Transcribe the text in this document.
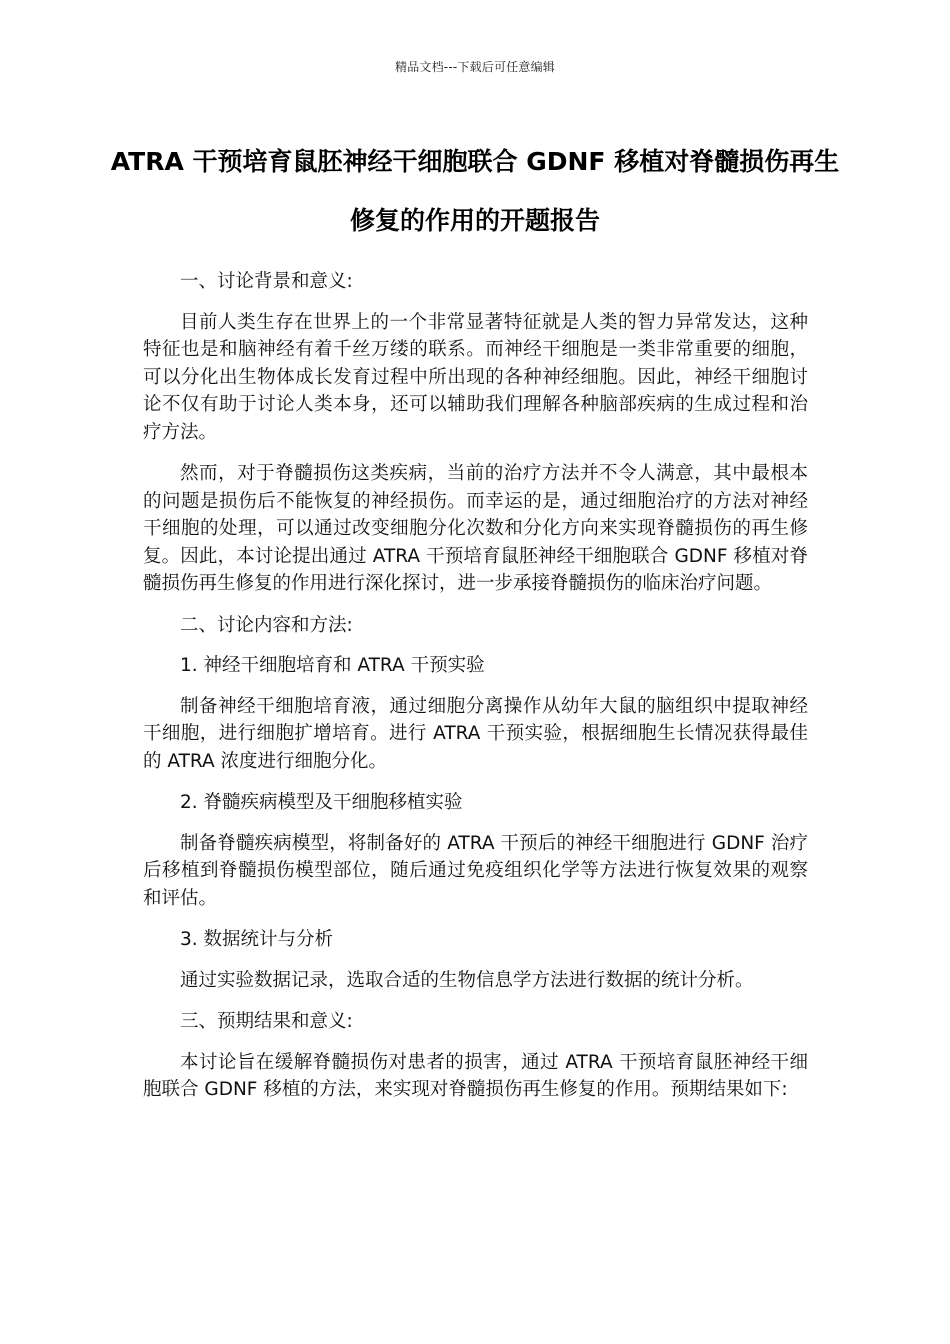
精品文档---下载后可任意编辑
ATRA 干预培育鼠胚神经干细胞联合 GDNF 移植对脊髓损伤再生修复的作用的开题报告

一、讨论背景和意义:

目前人类生存在世界上的一个非常显著特征就是人类的智力异常发达，这种特征也是和脑神经有着千丝万缕的联系。而神经干细胞是一类非常重要的细胞，可以分化出生物体成长发育过程中所出现的各种神经细胞。因此，神经干细胞讨论不仅有助于讨论人类本身，还可以辅助我们理解各种脑部疾病的生成过程和治疗方法。

然而，对于脊髓损伤这类疾病，当前的治疗方法并不令人满意，其中最根本的问题是损伤后不能恢复的神经损伤。而幸运的是，通过细胞治疗的方法对神经干细胞的处理，可以通过改变细胞分化次数和分化方向来实现脊髓损伤的再生修复。因此，本讨论提出通过 ATRA 干预培育鼠胚神经干细胞联合 GDNF 移植对脊髓损伤再生修复的作用进行深化探讨，进一步承接脊髓损伤的临床治疗问题。

二、讨论内容和方法:

1. 神经干细胞培育和 ATRA 干预实验

制备神经干细胞培育液，通过细胞分离操作从幼年大鼠的脑组织中提取神经干细胞，进行细胞扩增培育。进行 ATRA 干预实验，根据细胞生长情况获得最佳的 ATRA 浓度进行细胞分化。

2. 脊髓疾病模型及干细胞移植实验

制备脊髓疾病模型，将制备好的 ATRA 干预后的神经干细胞进行 GDNF 治疗后移植到脊髓损伤模型部位，随后通过免疫组织化学等方法进行恢复效果的观察和评估。

3. 数据统计与分析

通过实验数据记录，选取合适的生物信息学方法进行数据的统计分析。

三、预期结果和意义:

本讨论旨在缓解脊髓损伤对患者的损害，通过 ATRA 干预培育鼠胚神经干细胞联合 GDNF 移植的方法，来实现对脊髓损伤再生修复的作用。预期结果如下:
